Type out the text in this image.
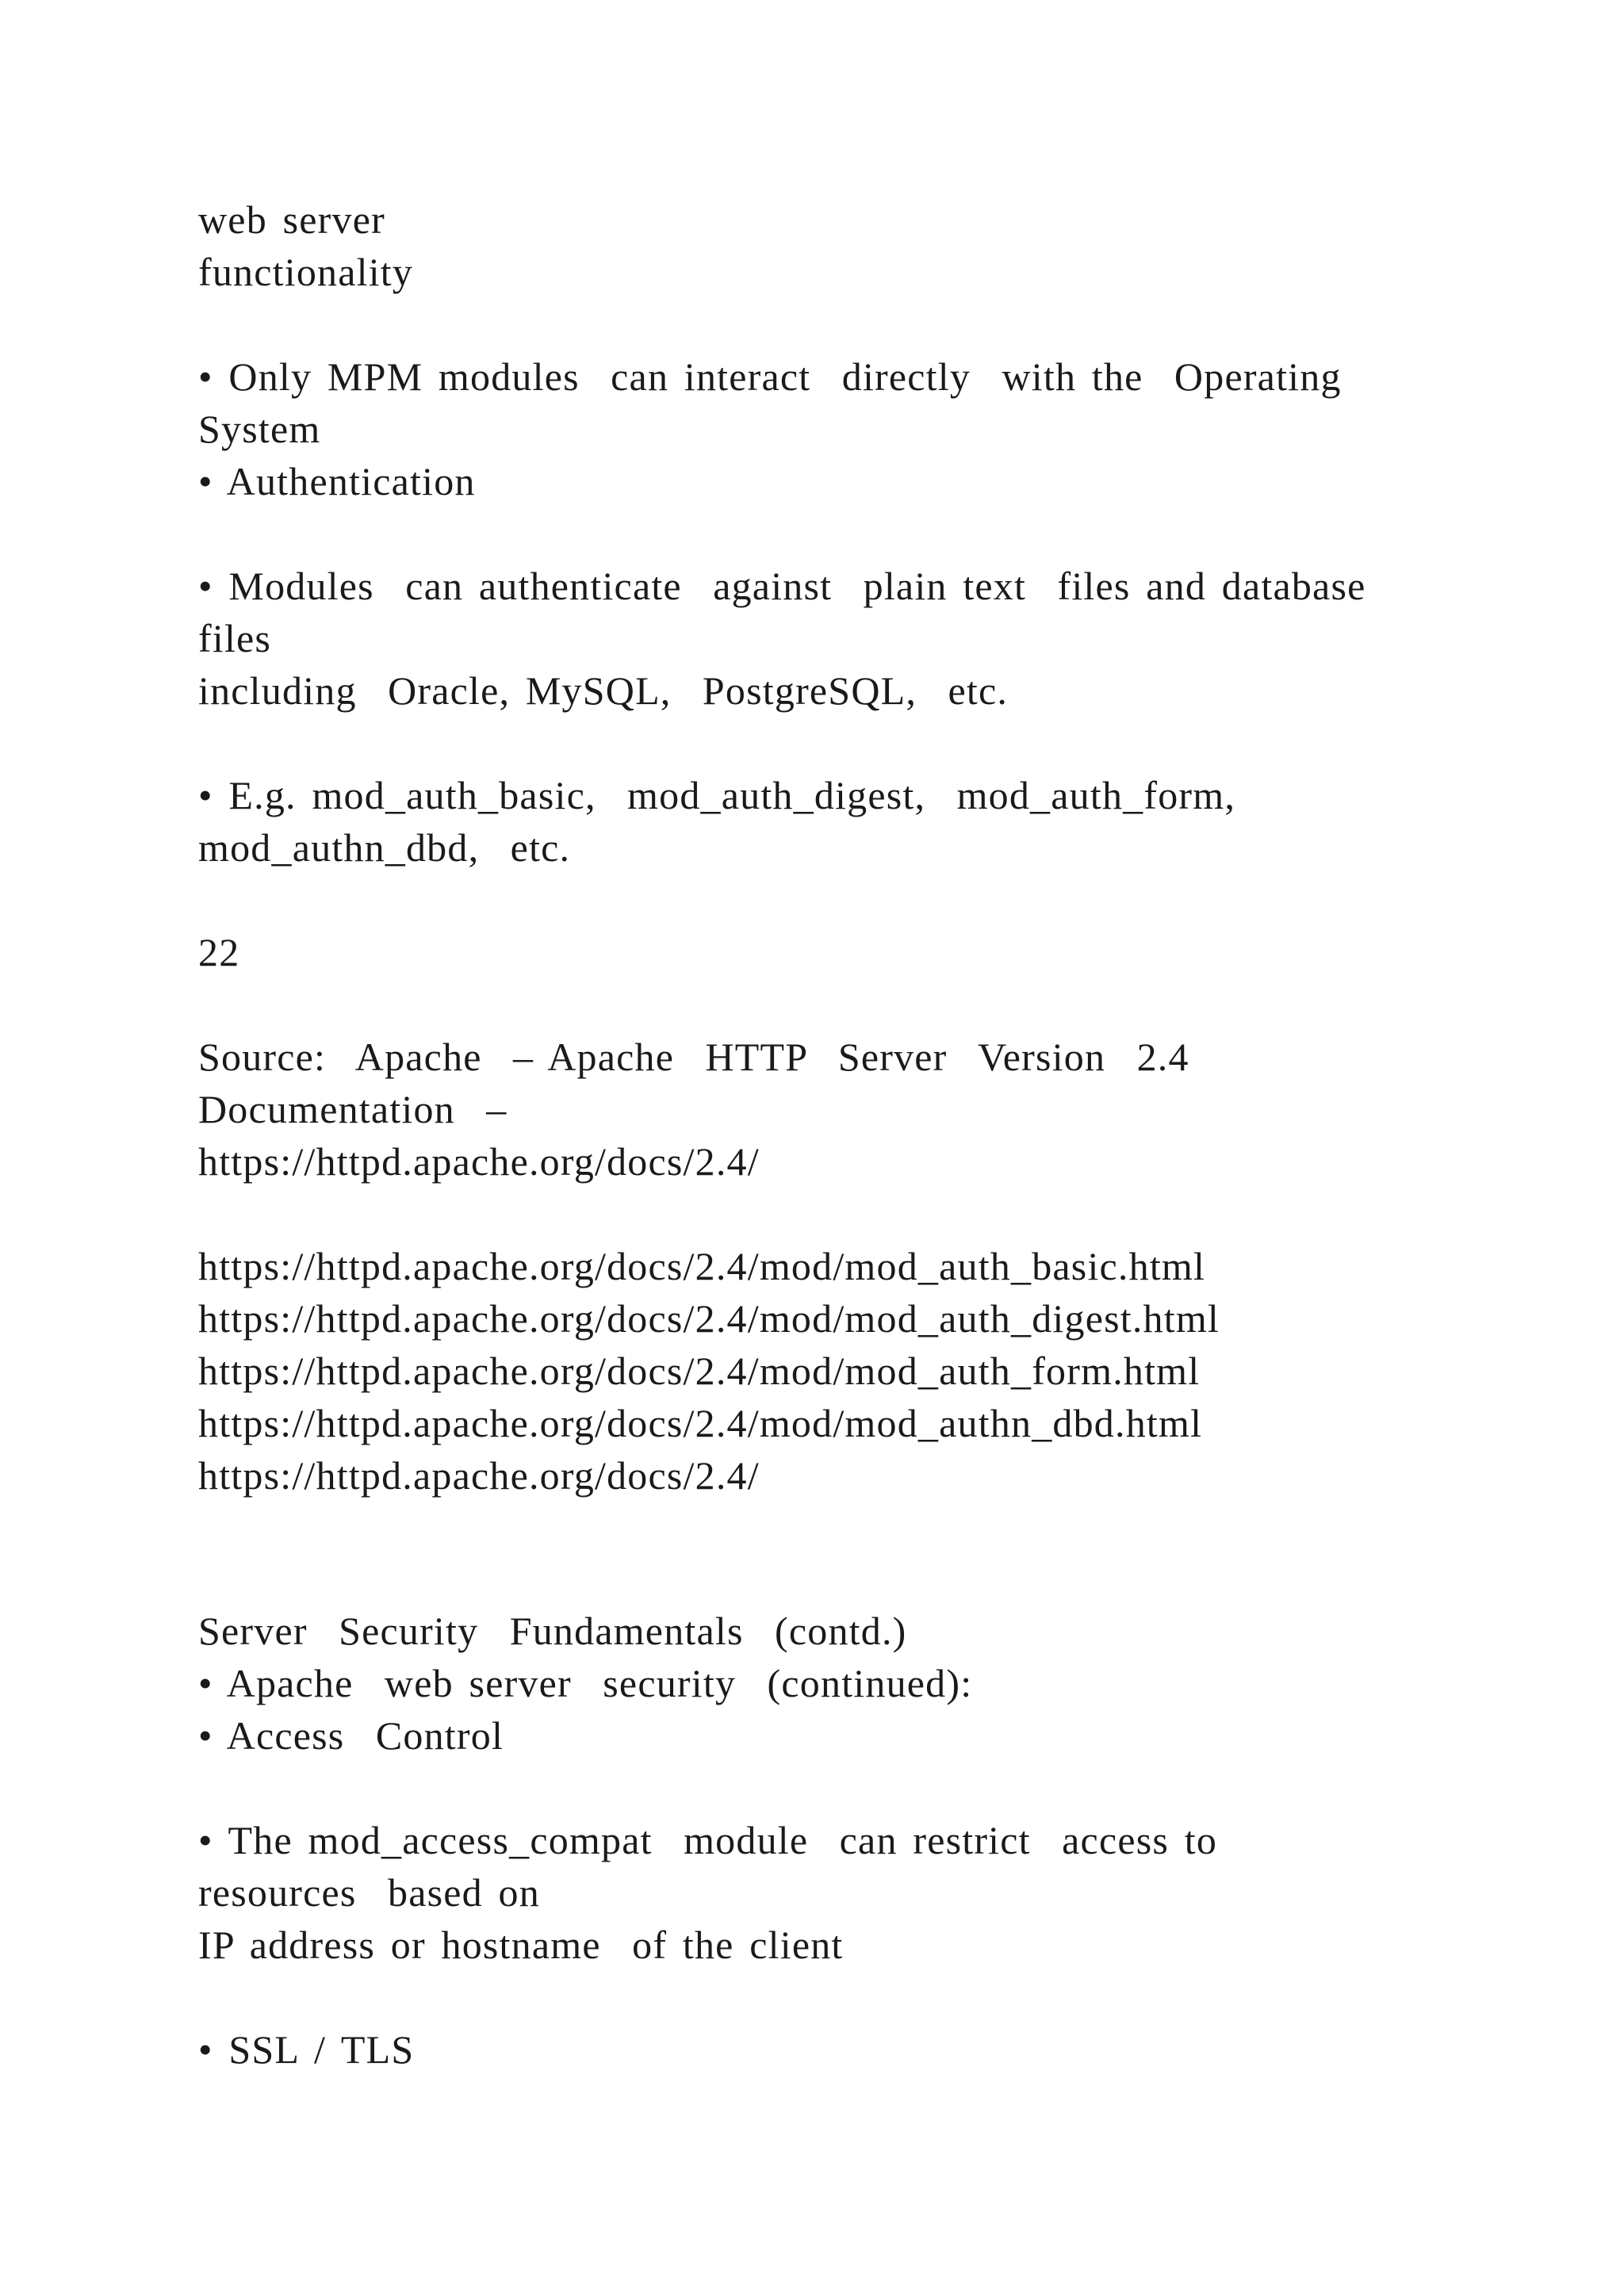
web server
functionality
• Only MPM modules  can interact  directly  with the  Operating
System
• Authentication
• Modules  can authenticate  against  plain text  files and database
files
including  Oracle, MySQL,  PostgreSQL,  etc.
• E.g. mod_auth_basic,  mod_auth_digest,  mod_auth_form,
mod_authn_dbd,  etc.
22
Source:  Apache  – Apache  HTTP  Server  Version  2.4
Documentation  –
https://httpd.apache.org/docs/2.4/
https://httpd.apache.org/docs/2.4/mod/mod_auth_basic.html
https://httpd.apache.org/docs/2.4/mod/mod_auth_digest.html
https://httpd.apache.org/docs/2.4/mod/mod_auth_form.html
https://httpd.apache.org/docs/2.4/mod/mod_authn_dbd.html
https://httpd.apache.org/docs/2.4/
Server  Security  Fundamentals  (contd.)
• Apache  web server  security  (continued):
• Access  Control
• The mod_access_compat  module  can restrict  access to
resources  based on
IP address or hostname  of the client
• SSL / TLS
